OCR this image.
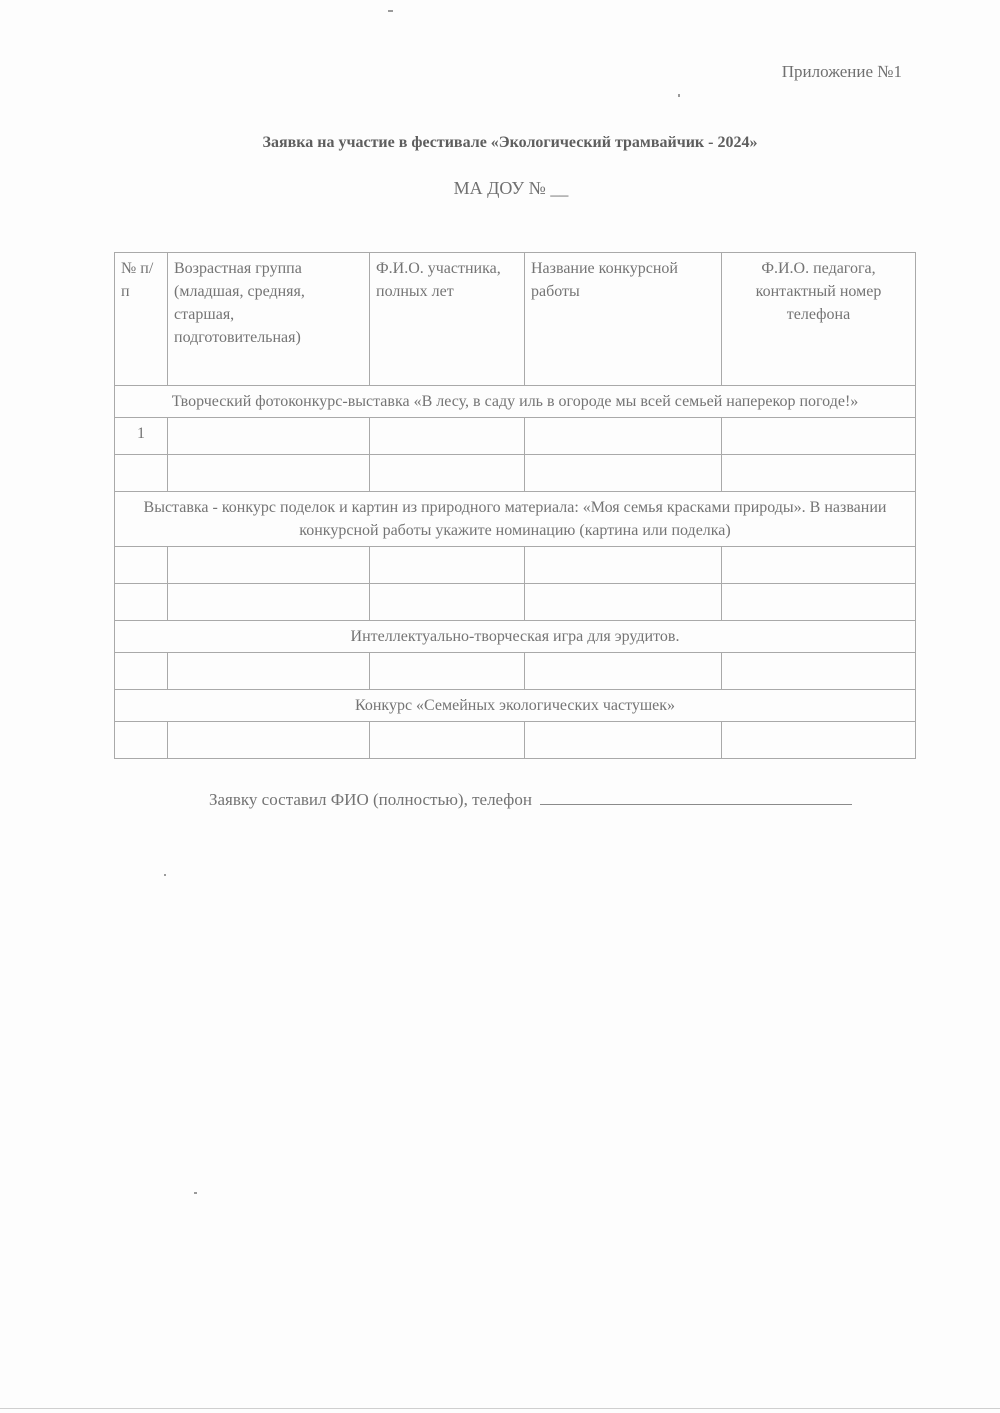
Приложение №1
Заявка на участие в фестивале «Экологический трамвайчик - 2024»
МА ДОУ № __
№ п/п	Возрастная группа (младшая, средняя, старшая, подготовительная)	Ф.И.О. участника, полных лет	Название конкурсной работы	Ф.И.О. педагога, контактный номер телефона
Творческий фотоконкурс-выставка «В лесу, в саду иль в огороде мы всей семьей наперекор погоде!»				
1				

Выставка - конкурс поделок и картин из природного материала: «Моя семья красками природы». В названии конкурсной работы укажите номинацию (картина или поделка)				

Интеллектуально-творческая игра для эрудитов.				

Конкурс «Семейных экологических частушек»				

Заявку составил ФИО (полностью), телефон
